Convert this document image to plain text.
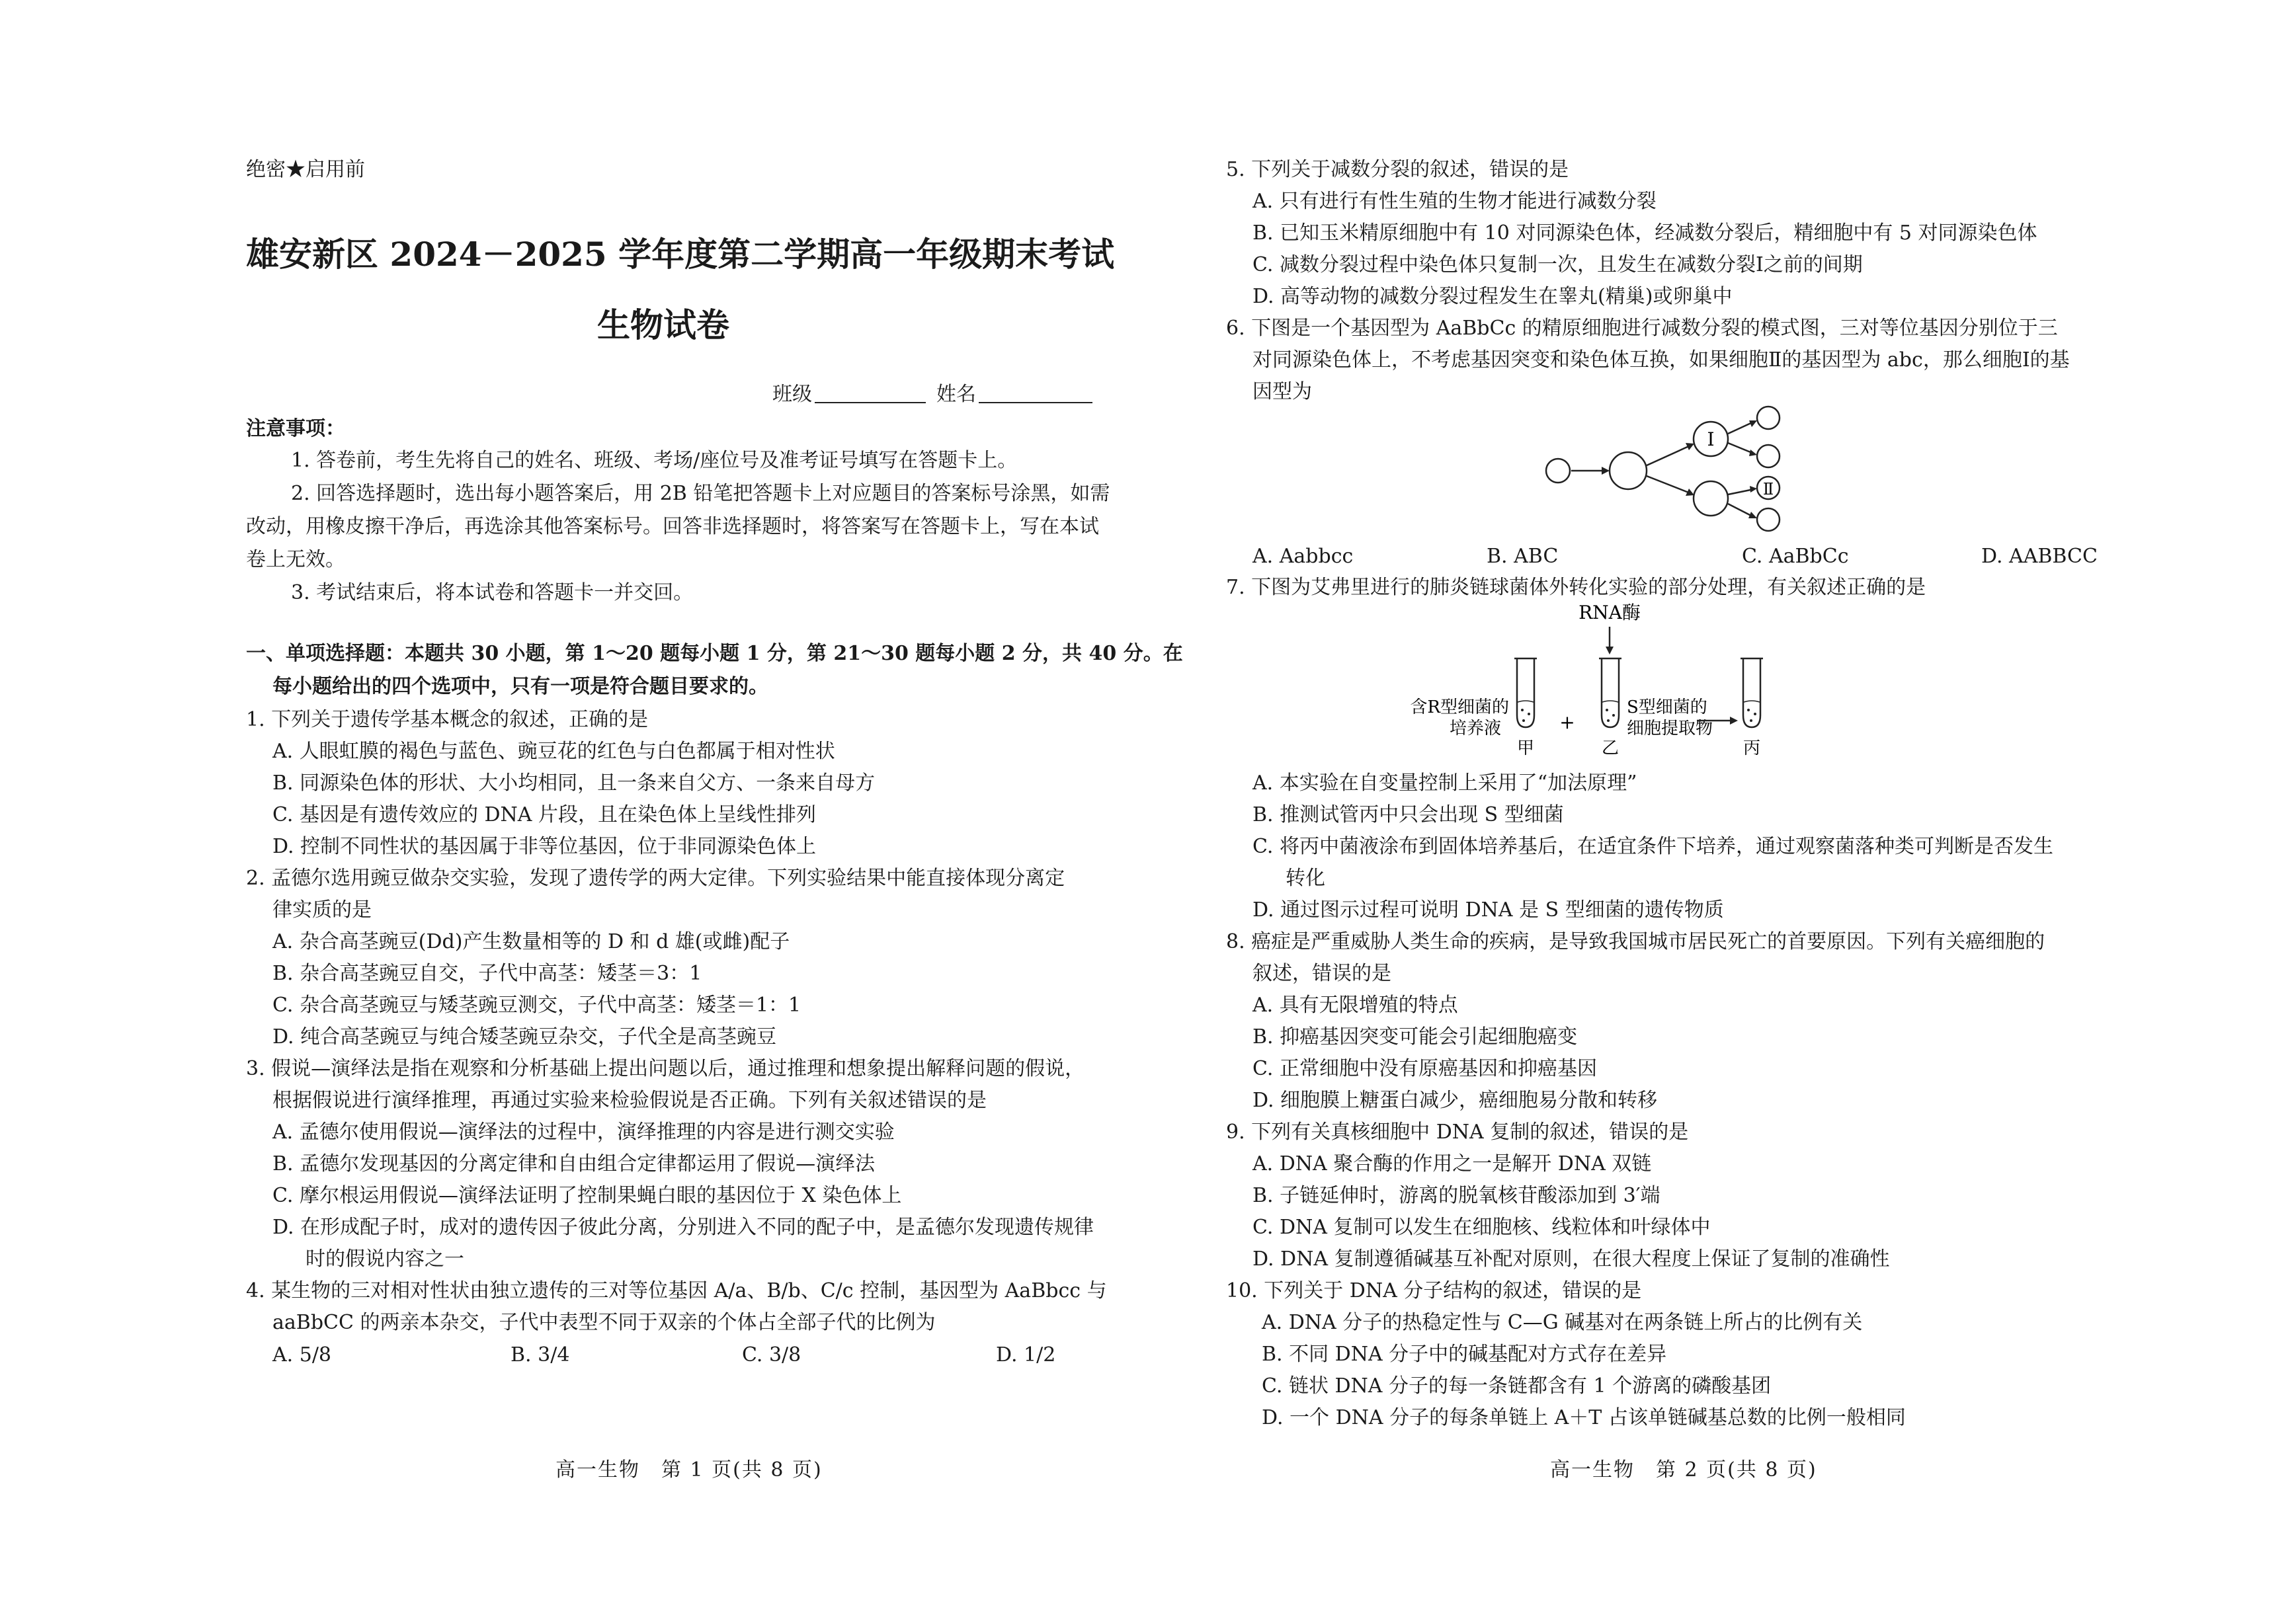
绝密★启用前
雄安新区 2024－2025 学年度第二学期高一年级期末考试
生物试卷
班级	姓名
注意事项：
1. 答卷前，考生先将自己的姓名、班级、考场/座位号及准考证号填写在答题卡上。
2. 回答选择题时，选出每小题答案后，用 2B 铅笔把答题卡上对应题目的答案标号涂黑，如需
改动，用橡皮擦干净后，再选涂其他答案标号。回答非选择题时，将答案写在答题卡上，写在本试
卷上无效。
3. 考试结束后，将本试卷和答题卡一并交回。
一、单项选择题：本题共 30 小题，第 1～20 题每小题 1 分，第 21～30 题每小题 2 分，共 40 分。在
每小题给出的四个选项中，只有一项是符合题目要求的。
1. 下列关于遗传学基本概念的叙述，正确的是
A. 人眼虹膜的褐色与蓝色、豌豆花的红色与白色都属于相对性状
B. 同源染色体的形状、大小均相同，且一条来自父方、一条来自母方
C. 基因是有遗传效应的 DNA 片段，且在染色体上呈线性排列
D. 控制不同性状的基因属于非等位基因，位于非同源染色体上
2. 孟德尔选用豌豆做杂交实验，发现了遗传学的两大定律。下列实验结果中能直接体现分离定
律实质的是
A. 杂合高茎豌豆(Dd)产生数量相等的 D 和 d 雄(或雌)配子
B. 杂合高茎豌豆自交，子代中高茎：矮茎＝3：1
C. 杂合高茎豌豆与矮茎豌豆测交，子代中高茎：矮茎＝1：1
D. 纯合高茎豌豆与纯合矮茎豌豆杂交，子代全是高茎豌豆
3. 假说—演绎法是指在观察和分析基础上提出问题以后，通过推理和想象提出解释问题的假说，
根据假说进行演绎推理，再通过实验来检验假说是否正确。下列有关叙述错误的是
A. 孟德尔使用假说—演绎法的过程中，演绎推理的内容是进行测交实验
B. 孟德尔发现基因的分离定律和自由组合定律都运用了假说—演绎法
C. 摩尔根运用假说—演绎法证明了控制果蝇白眼的基因位于 X 染色体上
D. 在形成配子时，成对的遗传因子彼此分离，分别进入不同的配子中，是孟德尔发现遗传规律
时的假说内容之一
4. 某生物的三对相对性状由独立遗传的三对等位基因 A/a、B/b、C/c 控制，基因型为 AaBbcc 与
aaBbCC 的两亲本杂交，子代中表型不同于双亲的个体占全部子代的比例为
A. 5/8	B. 3/4	C. 3/8	D. 1/2
高一生物　第 1 页(共 8 页)
5. 下列关于减数分裂的叙述，错误的是
A. 只有进行有性生殖的生物才能进行减数分裂
B. 已知玉米精原细胞中有 10 对同源染色体，经减数分裂后，精细胞中有 5 对同源染色体
C. 减数分裂过程中染色体只复制一次，且发生在减数分裂Ⅰ之前的间期
D. 高等动物的减数分裂过程发生在睾丸(精巢)或卵巢中
6. 下图是一个基因型为 AaBbCc 的精原细胞进行减数分裂的模式图，三对等位基因分别位于三
对同源染色体上，不考虑基因突变和染色体互换，如果细胞Ⅱ的基因型为 abc，那么细胞Ⅰ的基
因型为
Ⅰ
Ⅱ
A. Aabbcc	B. ABC	C. AaBbCc	D. AABBCC
7. 下图为艾弗里进行的肺炎链球菌体外转化实验的部分处理，有关叙述正确的是
RNA酶
含R型细菌的
培养液	+
S型细菌的
细胞提取物
甲	乙	丙
A. 本实验在自变量控制上采用了“加法原理”
B. 推测试管丙中只会出现 S 型细菌
C. 将丙中菌液涂布到固体培养基后，在适宜条件下培养，通过观察菌落种类可判断是否发生
转化
D. 通过图示过程可说明 DNA 是 S 型细菌的遗传物质
8. 癌症是严重威胁人类生命的疾病，是导致我国城市居民死亡的首要原因。下列有关癌细胞的
叙述，错误的是
A. 具有无限增殖的特点
B. 抑癌基因突变可能会引起细胞癌变
C. 正常细胞中没有原癌基因和抑癌基因
D. 细胞膜上糖蛋白减少，癌细胞易分散和转移
9. 下列有关真核细胞中 DNA 复制的叙述，错误的是
A. DNA 聚合酶的作用之一是解开 DNA 双链
B. 子链延伸时，游离的脱氧核苷酸添加到 3′端
C. DNA 复制可以发生在细胞核、线粒体和叶绿体中
D. DNA 复制遵循碱基互补配对原则，在很大程度上保证了复制的准确性
10. 下列关于 DNA 分子结构的叙述，错误的是
A. DNA 分子的热稳定性与 C—G 碱基对在两条链上所占的比例有关
B. 不同 DNA 分子中的碱基配对方式存在差异
C. 链状 DNA 分子的每一条链都含有 1 个游离的磷酸基团
D. 一个 DNA 分子的每条单链上 A＋T 占该单链碱基总数的比例一般相同
高一生物　第 2 页(共 8 页)
